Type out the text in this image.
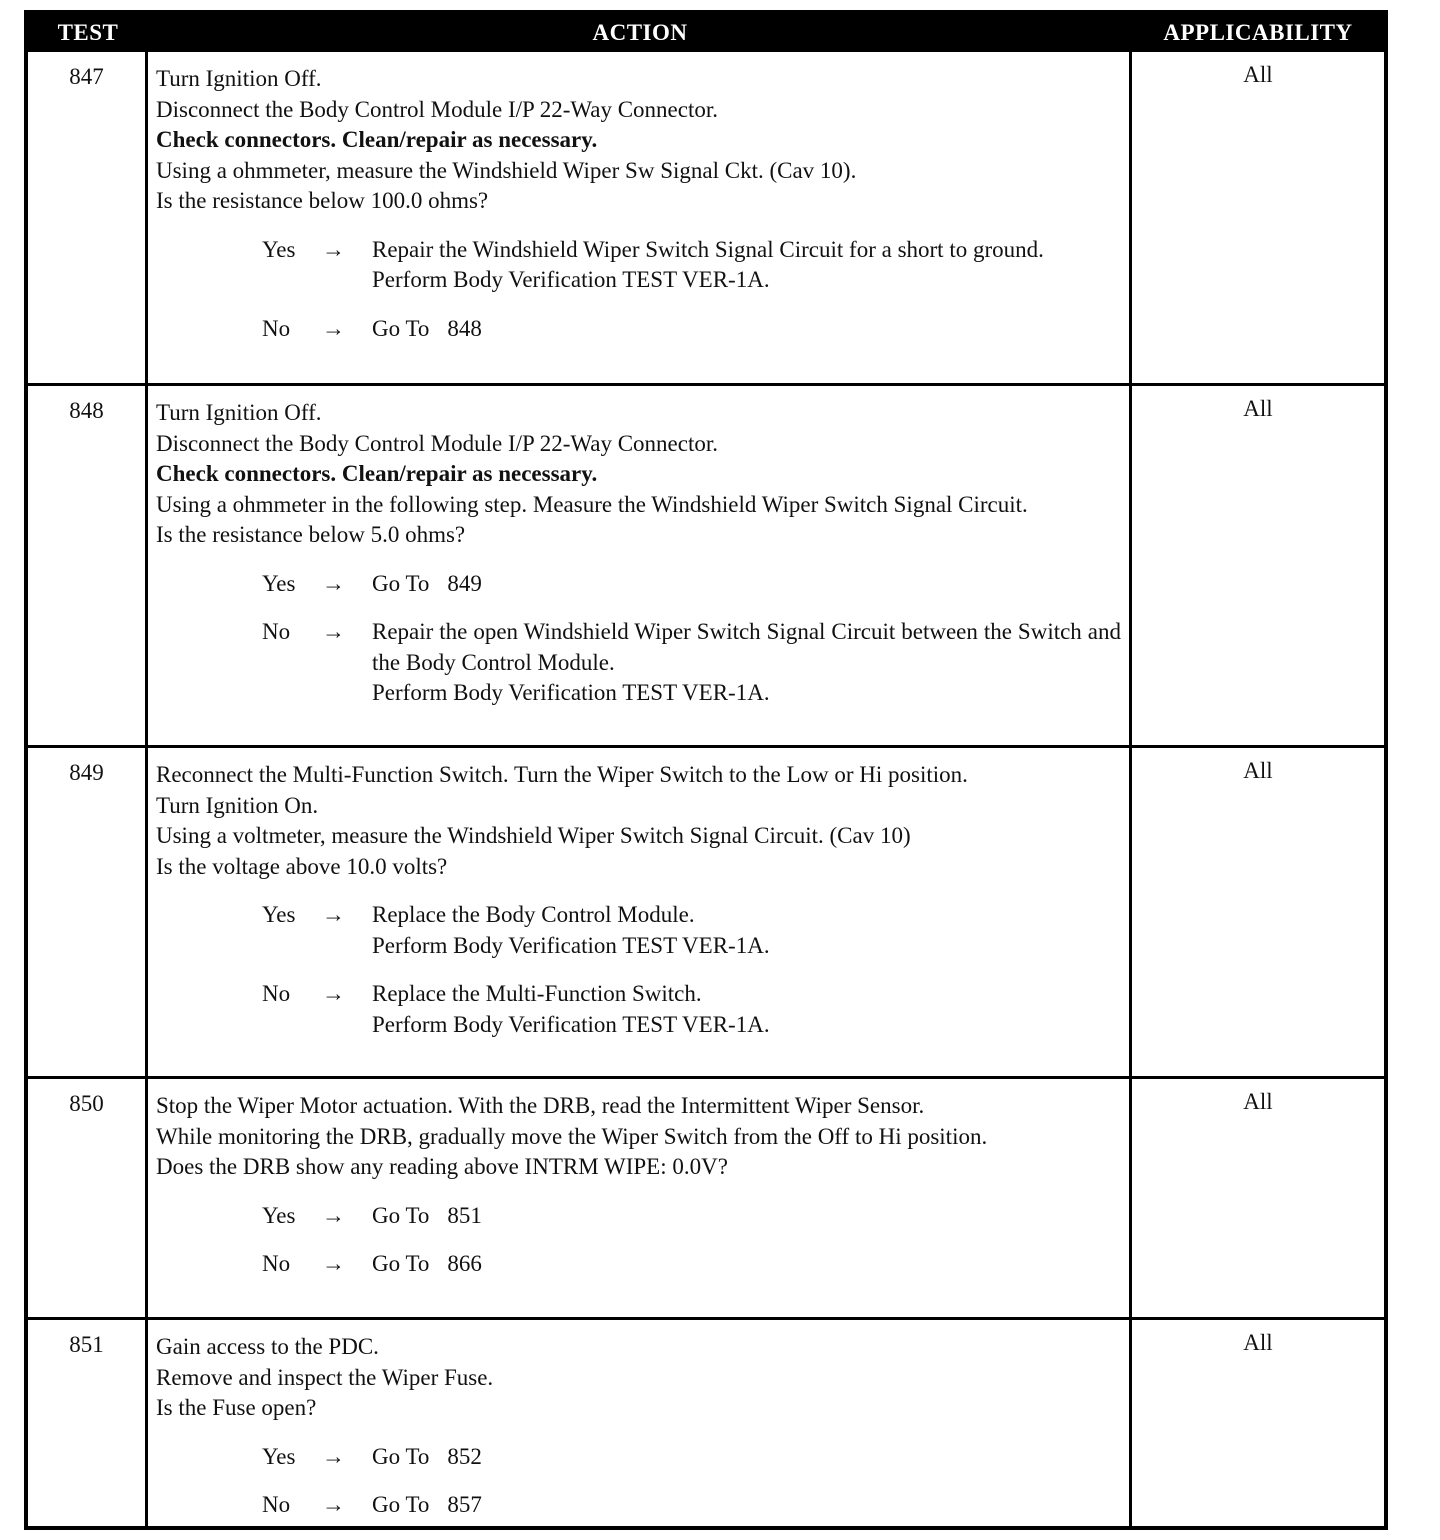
TEST	ACTION	APPLICABILITY
847	Turn Ignition Off.
Disconnect the Body Control Module I/P 22-Way Connector.
Check connectors. Clean/repair as necessary.
Using a ohmmeter, measure the Windshield Wiper Sw Signal Ckt. (Cav 10).
Is the resistance below 100.0 ohms?
Yes	→	Repair the Windshield Wiper Switch Signal Circuit for a short to ground.
Perform Body Verification TEST VER-1A.
No	→	Go To 848
All
848	Turn Ignition Off.
Disconnect the Body Control Module I/P 22-Way Connector.
Check connectors. Clean/repair as necessary.
Using a ohmmeter in the following step. Measure the Windshield Wiper Switch Signal Circuit.
Is the resistance below 5.0 ohms?
Yes	→	Go To 849
No	→	Repair the open Windshield Wiper Switch Signal Circuit between the Switch and the Body Control Module.
Perform Body Verification TEST VER-1A.
All
849	Reconnect the Multi-Function Switch. Turn the Wiper Switch to the Low or Hi position.
Turn Ignition On.
Using a voltmeter, measure the Windshield Wiper Switch Signal Circuit. (Cav 10)
Is the voltage above 10.0 volts?
Yes	→	Replace the Body Control Module.
Perform Body Verification TEST VER-1A.
No	→	Replace the Multi-Function Switch.
Perform Body Verification TEST VER-1A.
All
850	Stop the Wiper Motor actuation. With the DRB, read the Intermittent Wiper Sensor.
While monitoring the DRB, gradually move the Wiper Switch from the Off to Hi position.
Does the DRB show any reading above INTRM WIPE: 0.0V?
Yes	→	Go To 851
No	→	Go To 866
All
851	Gain access to the PDC.
Remove and inspect the Wiper Fuse.
Is the Fuse open?
Yes	→	Go To 852
No	→	Go To 857
All
